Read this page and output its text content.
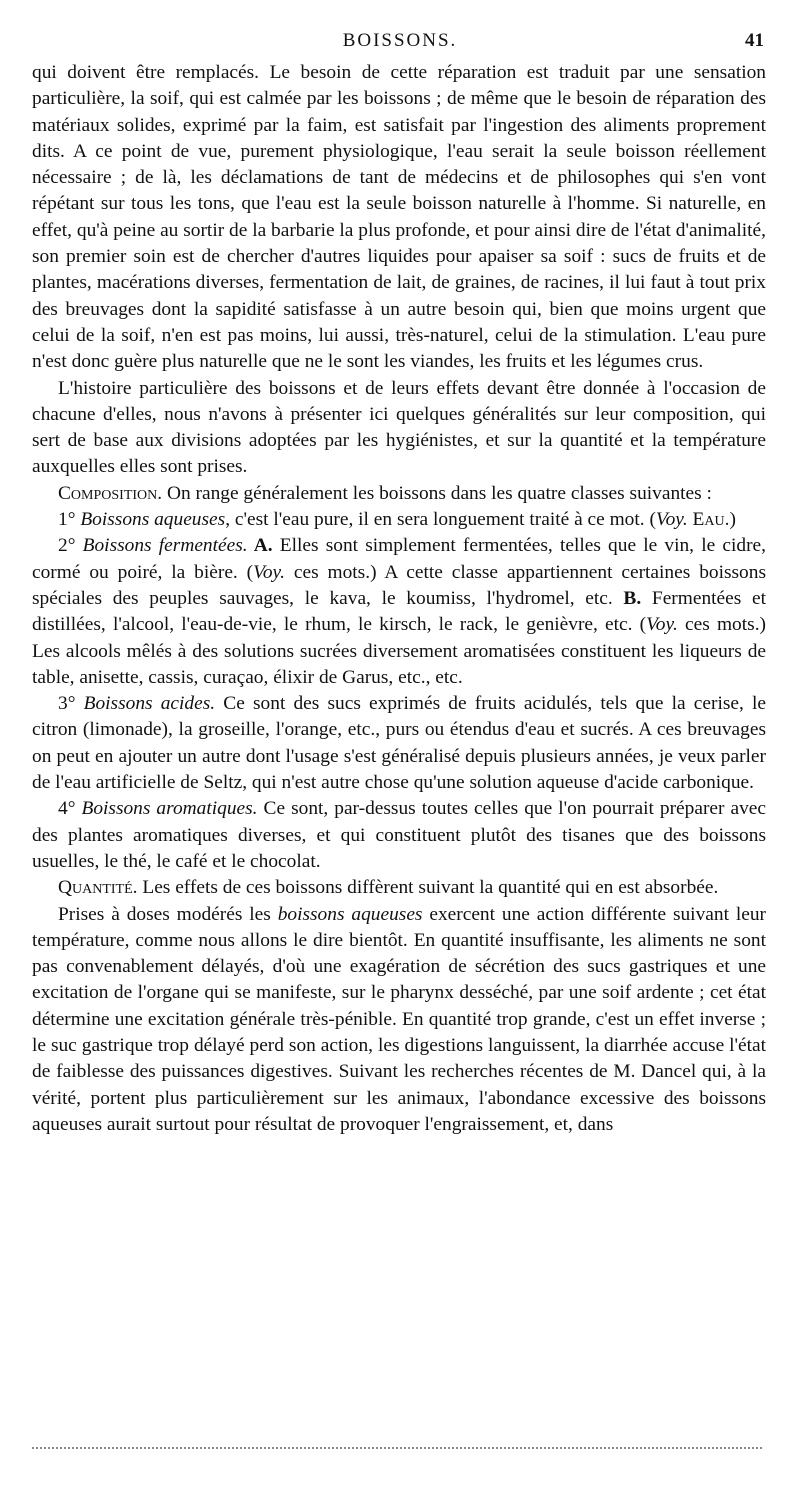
BOISSONS.	41

qui doivent être remplacés. Le besoin de cette réparation est traduit par une sensation particulière, la soif, qui est calmée par les boissons ; de même que le besoin de réparation des matériaux solides, exprimé par la faim, est satisfait par l'ingestion des aliments proprement dits. A ce point de vue, purement physiologique, l'eau serait la seule boisson réellement nécessaire ; de là, les déclamations de tant de médecins et de philosophes qui s'en vont répétant sur tous les tons, que l'eau est la seule boisson naturelle à l'homme. Si naturelle, en effet, qu'à peine au sortir de la barbarie la plus profonde, et pour ainsi dire de l'état d'animalité, son premier soin est de chercher d'autres liquides pour apaiser sa soif : sucs de fruits et de plantes, macérations diverses, fermentation de lait, de graines, de racines, il lui faut à tout prix des breuvages dont la sapidité satisfasse à un autre besoin qui, bien que moins urgent que celui de la soif, n'en est pas moins, lui aussi, très-naturel, celui de la stimulation. L'eau pure n'est donc guère plus naturelle que ne le sont les viandes, les fruits et les légumes crus.

L'histoire particulière des boissons et de leurs effets devant être donnée à l'occasion de chacune d'elles, nous n'avons à présenter ici quelques généralités sur leur composition, qui sert de base aux divisions adoptées par les hygiénistes, et sur la quantité et la température auxquelles elles sont prises.

Composition. On range généralement les boissons dans les quatre classes suivantes :

1° Boissons aqueuses, c'est l'eau pure, il en sera longuement traité à ce mot. (Voy. Eau.)

2° Boissons fermentées. A. Elles sont simplement fermentées, telles que le vin, le cidre, cormé ou poiré, la bière. (Voy. ces mots.) A cette classe appartiennent certaines boissons spéciales des peuples sauvages, le kava, le koumiss, l'hydromel, etc. B. Fermentées et distillées, l'alcool, l'eau-de-vie, le rhum, le kirsch, le rack, le genièvre, etc. (Voy. ces mots.) Les alcools mêlés à des solutions sucrées diversement aromatisées constituent les liqueurs de table, anisette, cassis, curaçao, élixir de Garus, etc., etc.

3° Boissons acides. Ce sont des sucs exprimés de fruits acidulés, tels que la cerise, le citron (limonade), la groseille, l'orange, etc., purs ou étendus d'eau et sucrés. A ces breuvages on peut en ajouter un autre dont l'usage s'est généralisé depuis plusieurs années, je veux parler de l'eau artificielle de Seltz, qui n'est autre chose qu'une solution aqueuse d'acide carbonique.

4° Boissons aromatiques. Ce sont, par-dessus toutes celles que l'on pourrait préparer avec des plantes aromatiques diverses, et qui constituent plutôt des tisanes que des boissons usuelles, le thé, le café et le chocolat.

Quantité. Les effets de ces boissons diffèrent suivant la quantité qui en est absorbée.

Prises à doses modérés les boissons aqueuses exercent une action différente suivant leur température, comme nous allons le dire bientôt. En quantité insuffisante, les aliments ne sont pas convenablement délayés, d'où une exagération de sécrétion des sucs gastriques et une excitation de l'organe qui se manifeste, sur le pharynx desséché, par une soif ardente ; cet état détermine une excitation générale très-pénible. En quantité trop grande, c'est un effet inverse ; le suc gastrique trop délayé perd son action, les digestions languissent, la diarrhée accuse l'état de faiblesse des puissances digestives. Suivant les recherches récentes de M. Dancel qui, à la vérité, portent plus particulièrement sur les animaux, l'abondance excessive des boissons aqueuses aurait surtout pour résultat de provoquer l'engraissement, et, dans
